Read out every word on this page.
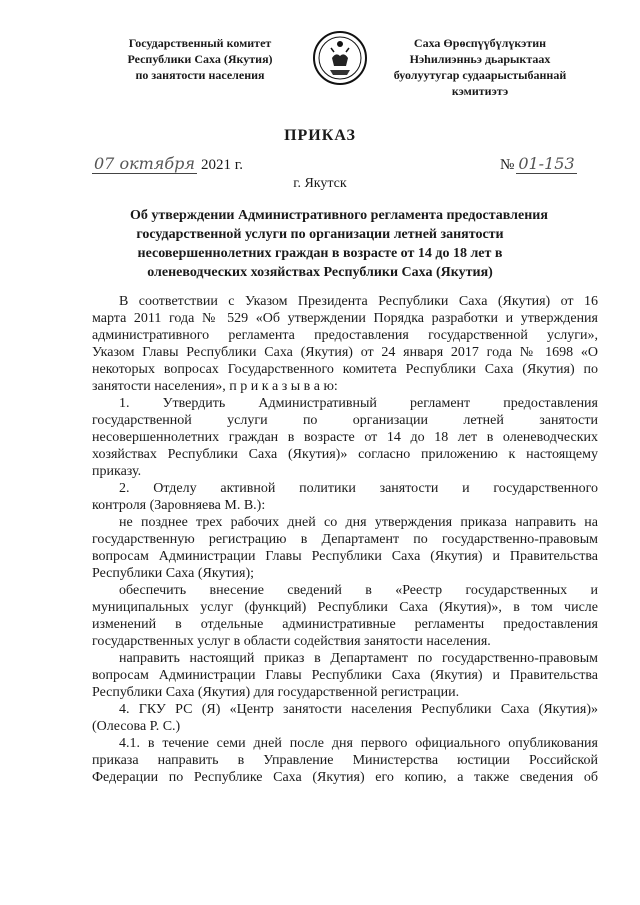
Государственный комитет
Республики Саха (Якутия)
по занятости населения
Саха Өрөспүүбүлүкэтин
Нэһилиэнньэ дьарыктаах
буолуутугар судаарыстыбаннай
кэмитиэтэ
ПРИКАЗ
07 октября 2021 г.	№ 01-153
г. Якутск
Об утверждении Административного регламента предоставления
государственной услуги по организации летней занятости
несовершеннолетних граждан в возрасте от 14 до 18 лет в
оленеводческих хозяйствах Республики Саха (Якутия)
В соответствии с Указом Президента Республики Саха (Якутия) от 16
марта 2011 года № 529 «Об утверждении Порядка разработки и утверждения
административного регламента предоставления государственной услуги»,
Указом Главы Республики Саха (Якутия) от 24 января 2017 года № 1698 «О
некоторых вопросах Государственного комитета Республики Саха (Якутия) по
занятости населения», п р и к а з ы в а ю:
1. Утвердить Административный регламент предоставления
государственной услуги по организации летней занятости
несовершеннолетних граждан в возрасте от 14 до 18 лет в оленеводческих
хозяйствах Республики Саха (Якутия)» согласно приложению к настоящему
приказу.
2. Отделу активной политики занятости и государственного
контроля (Заровняева М. В.):
не позднее трех рабочих дней со дня утверждения приказа направить на
государственную регистрацию в Департамент по государственно-правовым
вопросам Администрации Главы Республики Саха (Якутия) и Правительства
Республики Саха (Якутия);
обеспечить внесение сведений в «Реестр государственных и
муниципальных услуг (функций) Республики Саха (Якутия)», в том числе
изменений в отдельные административные регламенты предоставления
государственных услуг в области содействия занятости населения.
направить настоящий приказ в Департамент по государственно-правовым
вопросам Администрации Главы Республики Саха (Якутия) и Правительства
Республики Саха (Якутия) для государственной регистрации.
4. ГКУ РС (Я) «Центр занятости населения Республики Саха (Якутия)»
(Олесова Р. С.)
4.1. в течение семи дней после дня первого официального опубликования
приказа направить в Управление Министерства юстиции Российской
Федерации по Республике Саха (Якутия) его копию, а также сведения об
